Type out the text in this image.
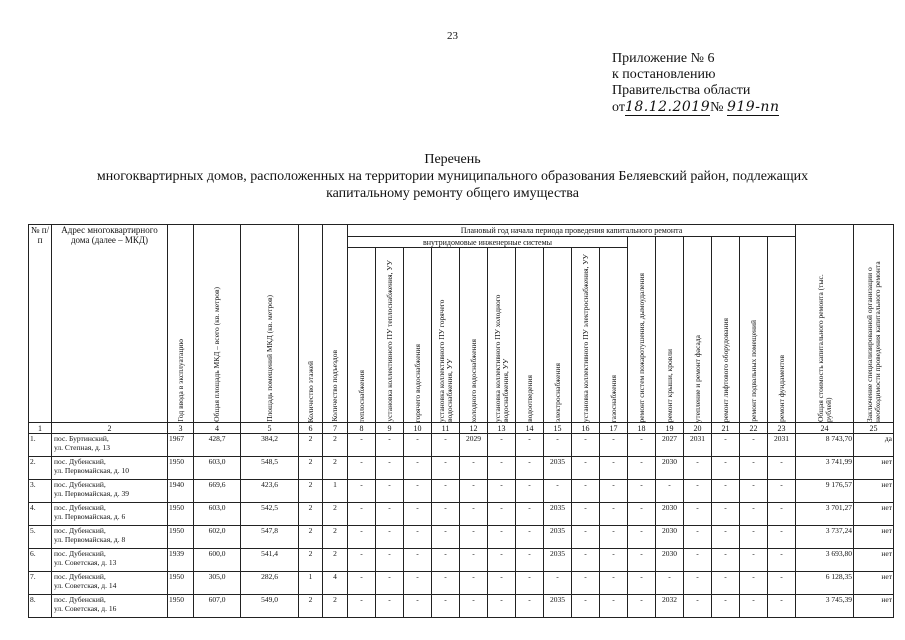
23
Приложение № 6
к постановлению
Правительства области
от18.12.2019№ 919-пп
Перечень
многоквартирных домов, расположенных на территории муниципального образования Беляевский район, подлежащих
капитальному ремонту общего имущества
№ п/п	Адрес многоквартирного дома (далее – МКД)	Год ввода в эксплуатацию	Общая площадь МКД – всего (кв. метров)	Площадь помещений МКД (кв. метров)	Количество этажей	Количество подъездов	Плановый год начала периода проведения капитального ремонта																Общая стоимость капитального ремонта (тыс. рублей)	Заключение специализированной организации о необходимости проведения капитального ремонта

							внутридомовые инженерные системы										ремонт систем пожаротушения, дымоудаления	ремонт крыши, кровли	утепление и ремонт фасада	ремонт лифтового оборудования	ремонт подвальных помещений	ремонт фундаментов		

							теплоснабжения	установка коллективного ПУ теплоснабжения, УУ	горячего водоснабжения	установка коллективного ПУ горячего водоснабжения, УУ	холодного водоснабжения	установка коллективного ПУ холодного водоснабжения, УУ	водоотведения	электроснабжения	установка коллективного ПУ электроснабжения, УУ	газоснабжения								

1	2	3	4	5	6	7	8	9	10	11	12	13	14	15	16	17	18	19	20	21	22	23	24	25
1.	пос. Буртинский,
ул. Степная, д. 13	1967	428,7	384,2	2	2	-	-	-	-	2029	-	-	-	-	-	-	2027	2031	-	-	2031	8 743,70	да
2.	пос. Дубенский,
ул. Первомайская, д. 10	1950	603,0	548,5	2	2	-	-	-	-	-	-	-	2035	-	-	-	2030	-	-	-	-	3 741,99	нет
3.	пос. Дубенский,
ул. Первомайская, д. 39	1940	669,6	423,6	2	1	-	-	-	-	-	-	-	-	-	-	-	-	-	-	-	-	9 176,57	нет
4.	пос. Дубенский,
ул. Первомайская, д. 6	1950	603,0	542,5	2	2	-	-	-	-	-	-	-	2035	-	-	-	2030	-	-	-	-	3 701,27	нет
5.	пос. Дубенский,
ул. Первомайская, д. 8	1950	602,0	547,8	2	2	-	-	-	-	-	-	-	2035	-	-	-	2030	-	-	-	-	3 737,24	нет
6.	пос. Дубенский,
ул. Советская, д. 13	1939	600,0	541,4	2	2	-	-	-	-	-	-	-	2035	-	-	-	2030	-	-	-	-	3 693,80	нет
7.	пос. Дубенский,
ул. Советская, д. 14	1950	305,0	282,6	1	4	-	-	-	-	-	-	-	-	-	-	-	-	-	-	-	-	6 128,35	нет
8.	пос. Дубенский,
ул. Советская, д. 16	1950	607,0	549,0	2	2	-	-	-	-	-	-	-	2035	-	-	-	2032	-	-	-	-	3 745,39	нет
